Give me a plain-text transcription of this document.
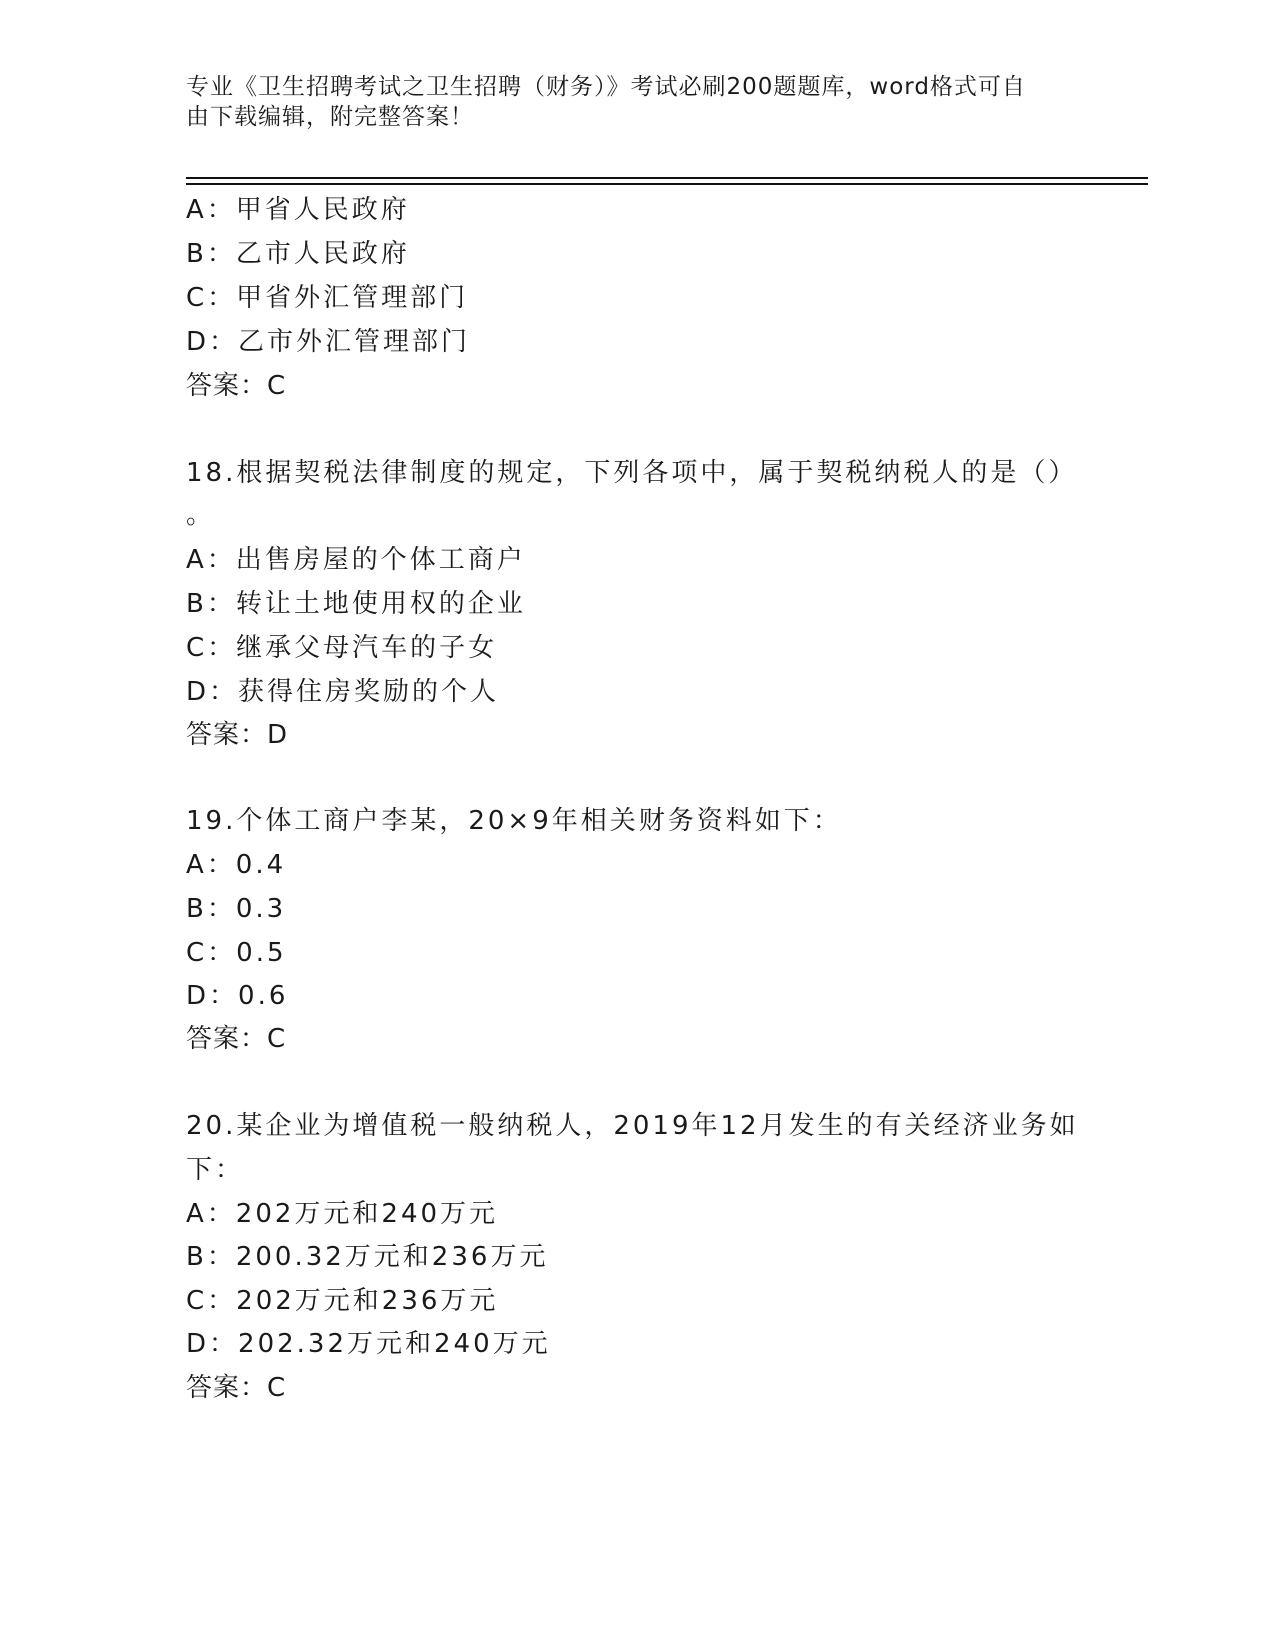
专业《卫生招聘考试之卫生招聘（财务）》考试必刷200题题库，word格式可自
由下载编辑，附完整答案！

A：甲省人民政府
B：乙市人民政府
C：甲省外汇管理部门
D：乙市外汇管理部门
答案：C
18.根据契税法律制度的规定，下列各项中，属于契税纳税人的是（）
。
A：出售房屋的个体工商户
B：转让土地使用权的企业
C：继承父母汽车的子女
D：获得住房奖励的个人
答案：D
19.个体工商户李某，20×9年相关财务资料如下：
A：0.4
B：0.3
C：0.5
D：0.6
答案：C
20.某企业为增值税一般纳税人，2019年12月发生的有关经济业务如
下：
A：202万元和240万元
B：200.32万元和236万元
C：202万元和236万元
D：202.32万元和240万元
答案：C
